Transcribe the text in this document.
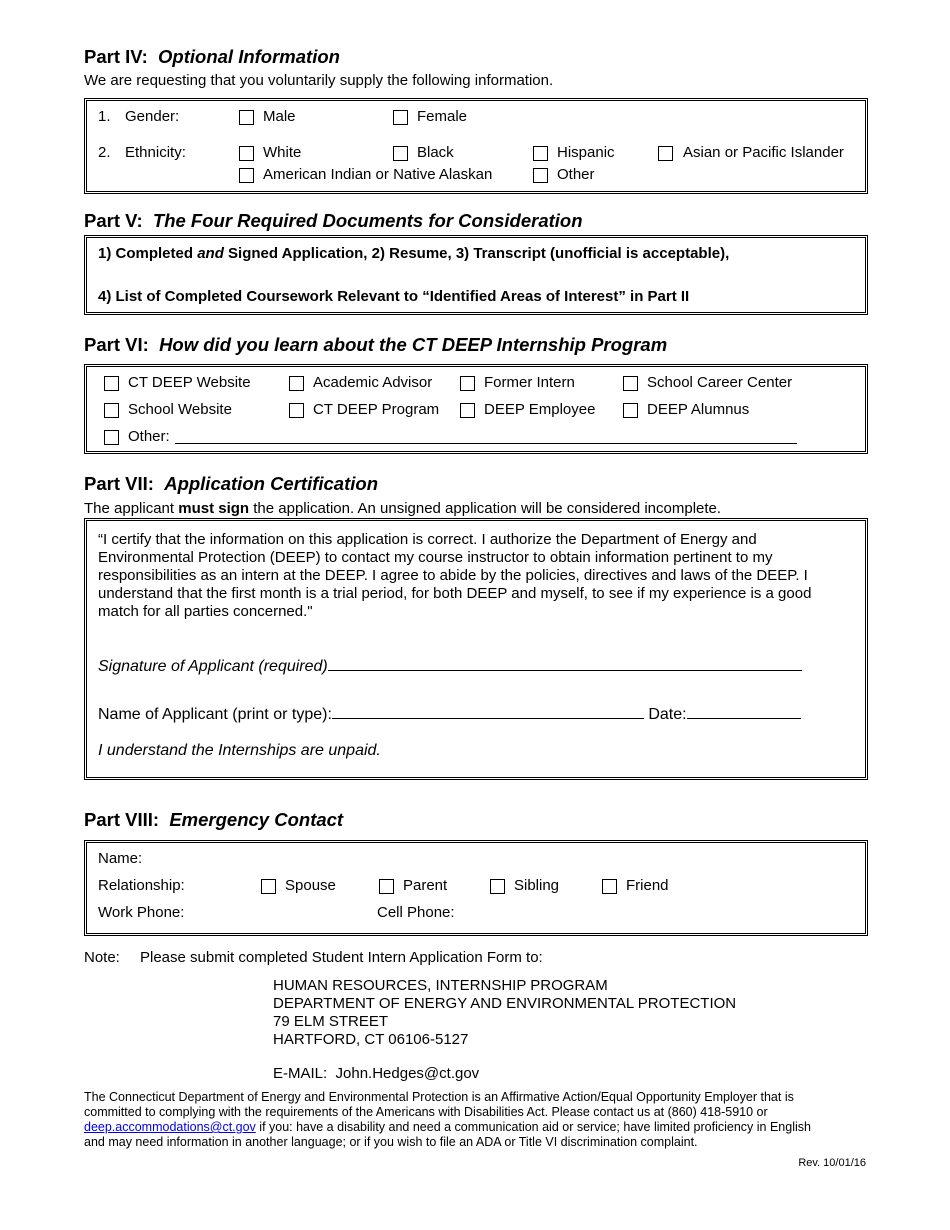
Part IV: Optional Information
We are requesting that you voluntarily supply the following information.
1. Gender:	Male	Female
2. Ethnicity:	White	Black	Hispanic	Asian or Pacific Islander
American Indian or Native Alaskan	Other
Part V: The Four Required Documents for Consideration
1) Completed and Signed Application, 2) Resume, 3) Transcript (unofficial is acceptable),
4) List of Completed Coursework Relevant to “Identified Areas of Interest” in Part II
Part VI: How did you learn about the CT DEEP Internship Program
CT DEEP Website	Academic Advisor	Former Intern	School Career Center
School Website	CT DEEP Program	DEEP Employee	DEEP Alumnus
Other:
Part VII: Application Certification
The applicant must sign the application. An unsigned application will be considered incomplete.
“I certify that the information on this application is correct. I authorize the Department of Energy and
Environmental Protection (DEEP) to contact my course instructor to obtain information pertinent to my
responsibilities as an intern at the DEEP. I agree to abide by the policies, directives and laws of the DEEP. I
understand that the first month is a trial period, for both DEEP and myself, to see if my experience is a good
match for all parties concerned."
Signature of Applicant (required)
Name of Applicant (print or type):	Date:
I understand the Internships are unpaid.
Part VIII: Emergency Contact
Name:
Relationship:	Spouse	Parent	Sibling	Friend
Work Phone:	Cell Phone:
Note: Please submit completed Student Intern Application Form to:
HUMAN RESOURCES, INTERNSHIP PROGRAM
DEPARTMENT OF ENERGY AND ENVIRONMENTAL PROTECTION
79 ELM STREET
HARTFORD, CT 06106-5127
E-MAIL: John.Hedges@ct.gov
The Connecticut Department of Energy and Environmental Protection is an Affirmative Action/Equal Opportunity Employer that is
committed to complying with the requirements of the Americans with Disabilities Act. Please contact us at (860) 418-5910 or
deep.accommodations@ct.gov if you: have a disability and need a communication aid or service; have limited proficiency in English
and may need information in another language; or if you wish to file an ADA or Title VI discrimination complaint.
Rev. 10/01/16
